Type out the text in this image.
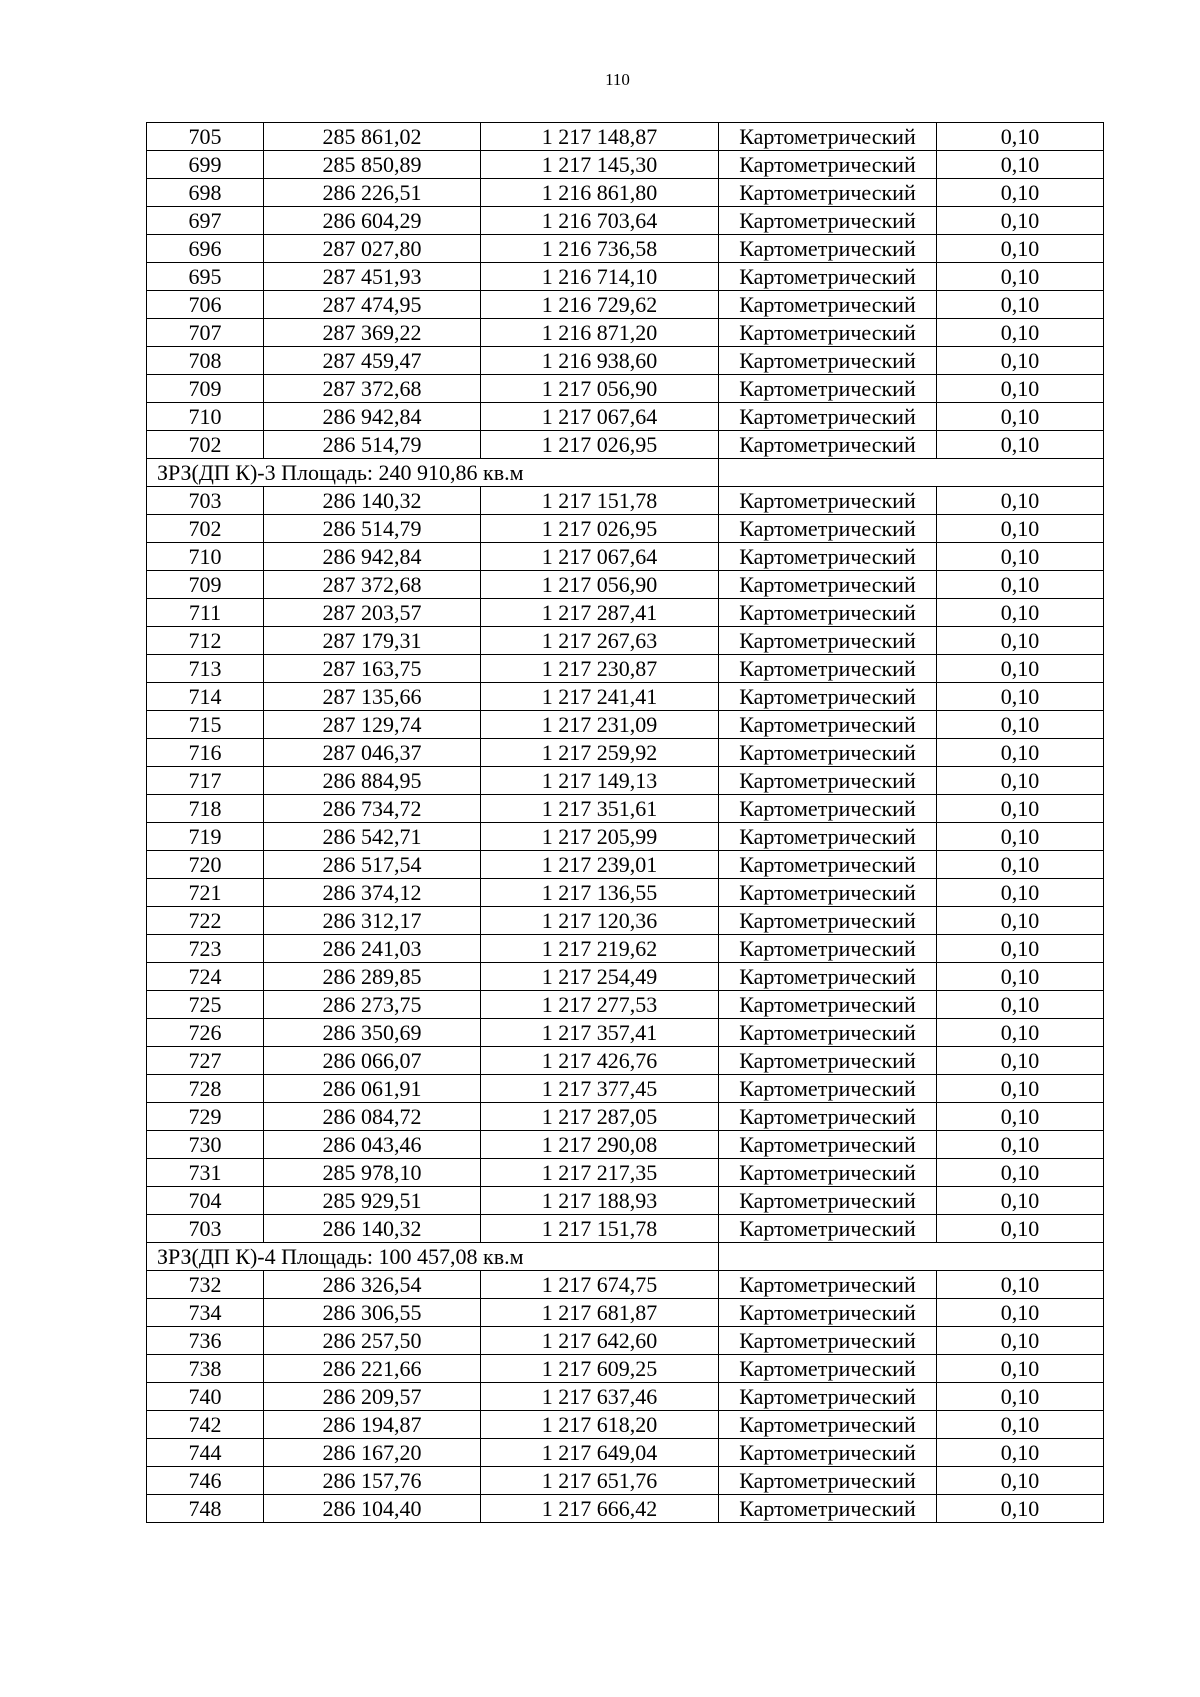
110
705	285 861,02	1 217 148,87	Картометрический	0,10
699	285 850,89	1 217 145,30	Картометрический	0,10
698	286 226,51	1 216 861,80	Картометрический	0,10
697	286 604,29	1 216 703,64	Картометрический	0,10
696	287 027,80	1 216 736,58	Картометрический	0,10
695	287 451,93	1 216 714,10	Картометрический	0,10
706	287 474,95	1 216 729,62	Картометрический	0,10
707	287 369,22	1 216 871,20	Картометрический	0,10
708	287 459,47	1 216 938,60	Картометрический	0,10
709	287 372,68	1 217 056,90	Картометрический	0,10
710	286 942,84	1 217 067,64	Картометрический	0,10
702	286 514,79	1 217 026,95	Картометрический	0,10
ЗРЗ(ДП К)-3 Площадь: 240 910,86 кв.м				
703	286 140,32	1 217 151,78	Картометрический	0,10
702	286 514,79	1 217 026,95	Картометрический	0,10
710	286 942,84	1 217 067,64	Картометрический	0,10
709	287 372,68	1 217 056,90	Картометрический	0,10
711	287 203,57	1 217 287,41	Картометрический	0,10
712	287 179,31	1 217 267,63	Картометрический	0,10
713	287 163,75	1 217 230,87	Картометрический	0,10
714	287 135,66	1 217 241,41	Картометрический	0,10
715	287 129,74	1 217 231,09	Картометрический	0,10
716	287 046,37	1 217 259,92	Картометрический	0,10
717	286 884,95	1 217 149,13	Картометрический	0,10
718	286 734,72	1 217 351,61	Картометрический	0,10
719	286 542,71	1 217 205,99	Картометрический	0,10
720	286 517,54	1 217 239,01	Картометрический	0,10
721	286 374,12	1 217 136,55	Картометрический	0,10
722	286 312,17	1 217 120,36	Картометрический	0,10
723	286 241,03	1 217 219,62	Картометрический	0,10
724	286 289,85	1 217 254,49	Картометрический	0,10
725	286 273,75	1 217 277,53	Картометрический	0,10
726	286 350,69	1 217 357,41	Картометрический	0,10
727	286 066,07	1 217 426,76	Картометрический	0,10
728	286 061,91	1 217 377,45	Картометрический	0,10
729	286 084,72	1 217 287,05	Картометрический	0,10
730	286 043,46	1 217 290,08	Картометрический	0,10
731	285 978,10	1 217 217,35	Картометрический	0,10
704	285 929,51	1 217 188,93	Картометрический	0,10
703	286 140,32	1 217 151,78	Картометрический	0,10
ЗРЗ(ДП К)-4 Площадь: 100 457,08 кв.м				
732	286 326,54	1 217 674,75	Картометрический	0,10
734	286 306,55	1 217 681,87	Картометрический	0,10
736	286 257,50	1 217 642,60	Картометрический	0,10
738	286 221,66	1 217 609,25	Картометрический	0,10
740	286 209,57	1 217 637,46	Картометрический	0,10
742	286 194,87	1 217 618,20	Картометрический	0,10
744	286 167,20	1 217 649,04	Картометрический	0,10
746	286 157,76	1 217 651,76	Картометрический	0,10
748	286 104,40	1 217 666,42	Картометрический	0,10
